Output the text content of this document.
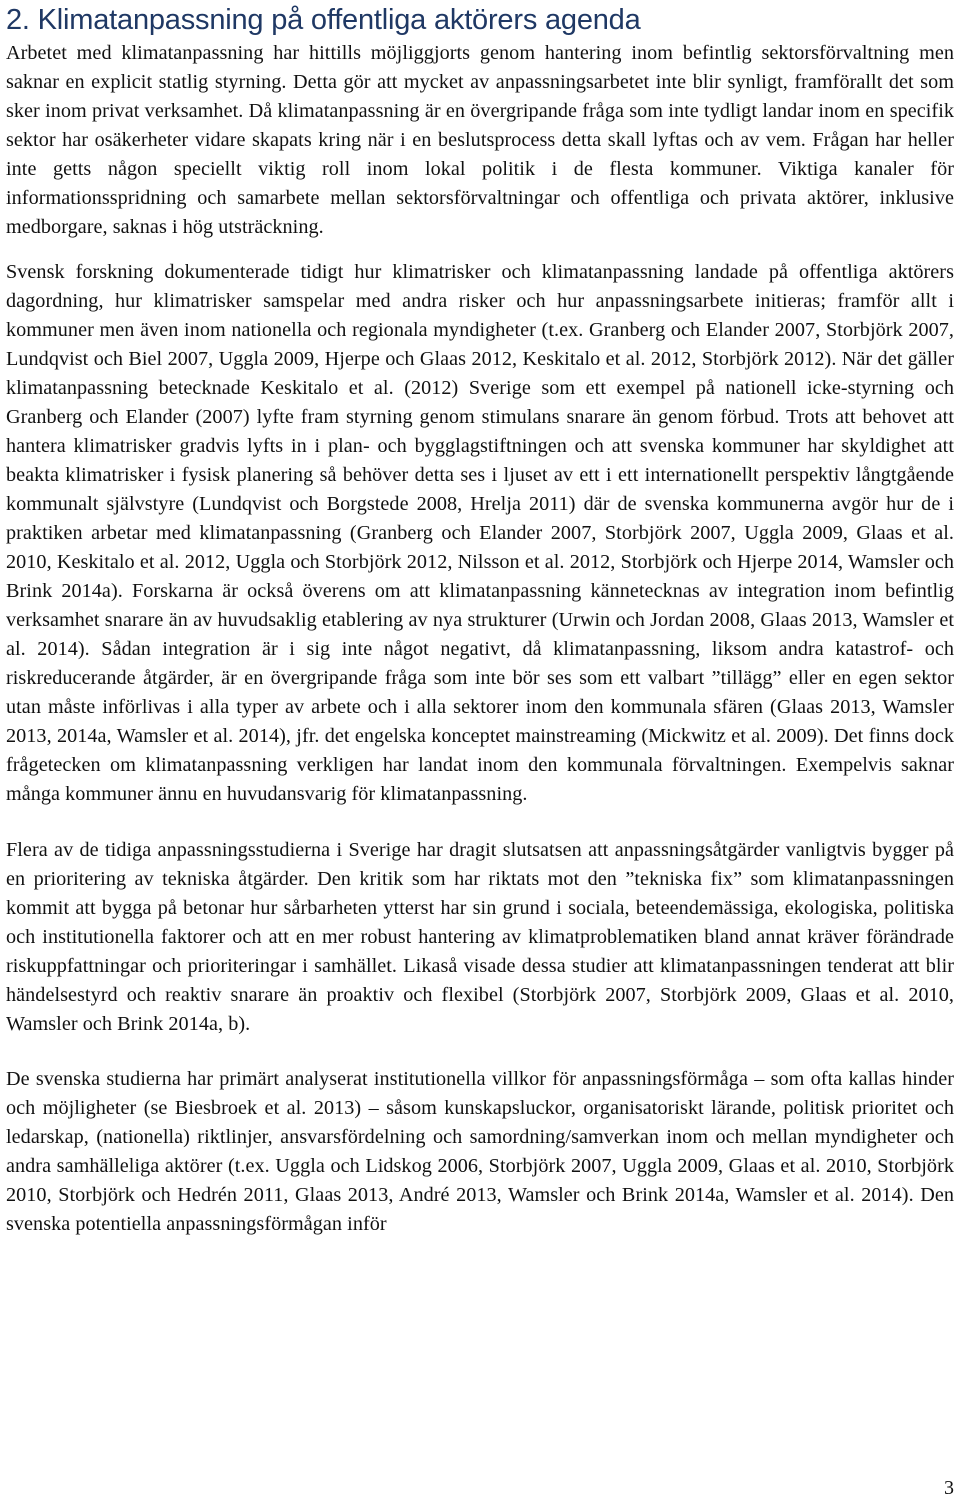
2. Klimatanpassning på offentliga aktörers agenda

Arbetet med klimatanpassning har hittills möjliggjorts genom hantering inom befintlig sektorsförvaltning men saknar en explicit statlig styrning. Detta gör att mycket av anpassningsarbetet inte blir synligt, framförallt det som sker inom privat verksamhet. Då klimatanpassning är en övergripande fråga som inte tydligt landar inom en specifik sektor har osäkerheter vidare skapats kring när i en beslutsprocess detta skall lyftas och av vem. Frågan har heller inte getts någon speciellt viktig roll inom lokal politik i de flesta kommuner. Viktiga kanaler för informationsspridning och samarbete mellan sektorsförvaltningar och offentliga och privata aktörer, inklusive medborgare, saknas i hög utsträckning.

Svensk forskning dokumenterade tidigt hur klimatrisker och klimatanpassning landade på offentliga aktörers dagordning, hur klimatrisker samspelar med andra risker och hur anpassningsarbete initieras; framför allt i kommuner men även inom nationella och regionala myndigheter (t.ex. Granberg och Elander 2007, Storbjörk 2007, Lundqvist och Biel 2007, Uggla 2009, Hjerpe och Glaas 2012, Keskitalo et al. 2012, Storbjörk 2012). När det gäller klimatanpassning betecknade Keskitalo et al. (2012) Sverige som ett exempel på nationell icke-styrning och Granberg och Elander (2007) lyfte fram styrning genom stimulans snarare än genom förbud. Trots att behovet att hantera klimatrisker gradvis lyfts in i plan- och bygglagstiftningen och att svenska kommuner har skyldighet att beakta klimatrisker i fysisk planering så behöver detta ses i ljuset av ett i ett internationellt perspektiv långtgående kommunalt självstyre (Lundqvist och Borgstede 2008, Hrelja 2011) där de svenska kommunerna avgör hur de i praktiken arbetar med klimatanpassning (Granberg och Elander 2007, Storbjörk 2007, Uggla 2009, Glaas et al. 2010, Keskitalo et al. 2012, Uggla och Storbjörk 2012, Nilsson et al. 2012, Storbjörk och Hjerpe 2014, Wamsler och Brink 2014a). Forskarna är också överens om att klimatanpassning kännetecknas av integration inom befintlig verksamhet snarare än av huvudsaklig etablering av nya strukturer (Urwin och Jordan 2008, Glaas 2013, Wamsler et al. 2014). Sådan integration är i sig inte något negativt, då klimatanpassning, liksom andra katastrof- och riskreducerande åtgärder, är en övergripande fråga som inte bör ses som ett valbart ”tillägg” eller en egen sektor utan måste införlivas i alla typer av arbete och i alla sektorer inom den kommunala sfären (Glaas 2013, Wamsler 2013, 2014a, Wamsler et al. 2014), jfr. det engelska konceptet mainstreaming (Mickwitz et al. 2009). Det finns dock frågetecken om klimatanpassning verkligen har landat inom den kommunala förvaltningen. Exempelvis saknar många kommuner ännu en huvudansvarig för klimatanpassning.

Flera av de tidiga anpassningsstudierna i Sverige har dragit slutsatsen att anpassningsåtgärder vanligtvis bygger på en prioritering av tekniska åtgärder. Den kritik som har riktats mot den ”tekniska fix” som klimatanpassningen kommit att bygga på betonar hur sårbarheten ytterst har sin grund i sociala, beteendemässiga, ekologiska, politiska och institutionella faktorer och att en mer robust hantering av klimatproblematiken bland annat kräver förändrade riskuppfattningar och prioriteringar i samhället. Likaså visade dessa studier att klimatanpassningen tenderat att blir händelsestyrd och reaktiv snarare än proaktiv och flexibel (Storbjörk 2007, Storbjörk 2009, Glaas et al. 2010, Wamsler och Brink 2014a, b).

De svenska studierna har primärt analyserat institutionella villkor för anpassningsförmåga – som ofta kallas hinder och möjligheter (se Biesbroek et al. 2013) – såsom kunskapsluckor, organisatoriskt lärande, politisk prioritet och ledarskap, (nationella) riktlinjer, ansvarsfördelning och samordning/samverkan inom och mellan myndigheter och andra samhälleliga aktörer (t.ex. Uggla och Lidskog 2006, Storbjörk 2007, Uggla 2009, Glaas et al. 2010, Storbjörk 2010, Storbjörk och Hedrén 2011, Glaas 2013, André 2013, Wamsler och Brink 2014a, Wamsler et al. 2014). Den svenska potentiella anpassningsförmågan inför

3
